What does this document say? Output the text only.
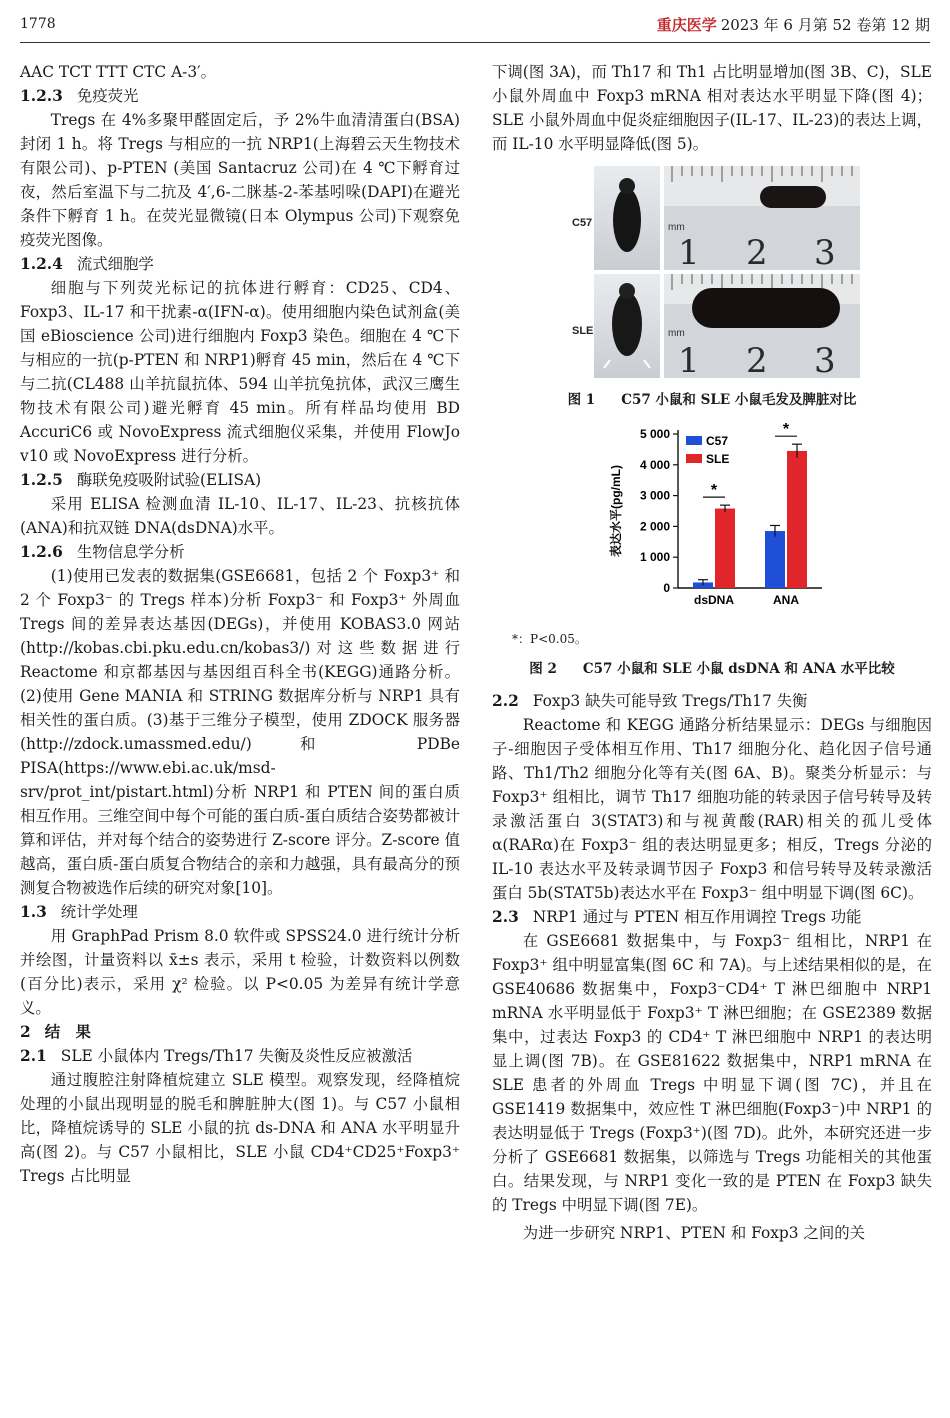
1778	重庆医学 2023 年 6 月第 52 卷第 12 期

AAC TCT TTT CTC A-3′。

1.2.3 免疫荧光

Tregs 在 4%多聚甲醛固定后，予 2%牛血清清蛋白(BSA)封闭 1 h。将 Tregs 与相应的一抗 NRP1(上海碧云天生物技术有限公司)、p-PTEN (美国 Santacruz 公司)在 4 ℃下孵育过夜，然后室温下与二抗及 4′,6-二脒基-2-苯基吲哚(DAPI)在避光条件下孵育 1 h。在荧光显微镜(日本 Olympus 公司)下观察免疫荧光图像。

1.2.4 流式细胞学

细胞与下列荧光标记的抗体进行孵育：CD25、CD4、Foxp3、IL-17 和干扰素-α(IFN-α)。使用细胞内染色试剂盒(美国 eBioscience 公司)进行细胞内 Foxp3 染色。细胞在 4 ℃下与相应的一抗(p-PTEN 和 NRP1)孵育 45 min，然后在 4 ℃下与二抗(CL488 山羊抗鼠抗体、594 山羊抗兔抗体，武汉三鹰生物技术有限公司)避光孵育 45 min。所有样品均使用 BD AccuriC6 或 NovoExpress 流式细胞仪采集，并使用 FlowJo v10 或 NovoExpress 进行分析。

1.2.5 酶联免疫吸附试验(ELISA)

采用 ELISA 检测血清 IL-10、IL-17、IL-23、抗核抗体(ANA)和抗双链 DNA(dsDNA)水平。

1.2.6 生物信息学分析

(1)使用已发表的数据集(GSE6681，包括 2 个 Foxp3⁺ 和 2 个 Foxp3⁻ 的 Tregs 样本)分析 Foxp3⁻ 和 Foxp3⁺ 外周血 Tregs 间的差异表达基因(DEGs)，并使用 KOBAS3.0 网站(http://kobas.cbi.pku.edu.cn/kobas3/)对这些数据进行 Reactome 和京都基因与基因组百科全书(KEGG)通路分析。(2)使用 Gene MANIA 和 STRING 数据库分析与 NRP1 具有相关性的蛋白质。(3)基于三维分子模型，使用 ZDOCK 服务器(http://zdock.umassmed.edu/)和 PDBe PISA(https://www.ebi.ac.uk/msd-srv/prot_int/pistart.html)分析 NRP1 和 PTEN 间的蛋白质相互作用。三维空间中每个可能的蛋白质-蛋白质结合姿势都被计算和评估，并对每个结合的姿势进行 Z-score 评分。Z-score 值越高，蛋白质-蛋白质复合物结合的亲和力越强，具有最高分的预测复合物被选作后续的研究对象[10]。

1.3 统计学处理

用 GraphPad Prism 8.0 软件或 SPSS24.0 进行统计分析并绘图，计量资料以 x̄±s 表示，采用 t 检验，计数资料以例数(百分比)表示，采用 χ² 检验。以 P<0.05 为差异有统计学意义。

2 结　果
2.1 SLE 小鼠体内 Tregs/Th17 失衡及炎性反应被激活

通过腹腔注射降植烷建立 SLE 模型。观察发现，经降植烷处理的小鼠出现明显的脱毛和脾脏肿大(图 1)。与 C57 小鼠相比，降植烷诱导的 SLE 小鼠的抗 ds-DNA 和 ANA 水平明显升高(图 2)。与 C57 小鼠相比，SLE 小鼠 CD4⁺CD25⁺Foxp3⁺ Tregs 占比明显

下调(图 3A)，而 Th17 和 Th1 占比明显增加(图 3B、C)，SLE 小鼠外周血中 Foxp3 mRNA 相对表达水平明显下降(图 4)；SLE 小鼠外周血中促炎症细胞因子(IL-17、IL-23)的表达上调，而 IL-10 水平明显降低(图 5)。

C57
SLE
mm
1 2 3
mm
1 2 3
图 1 C57 小鼠和 SLE 小鼠毛发及脾脏对比
表达水平(pg/mL)
0
1 000
2 000
3 000
4 000
5 000
*
dsDNA
*
ANA
C57
SLE
*：P<0.05。
图 2 C57 小鼠和 SLE 小鼠 dsDNA 和 ANA 水平比较
2.2 Foxp3 缺失可能导致 Tregs/Th17 失衡

Reactome 和 KEGG 通路分析结果显示：DEGs 与细胞因子-细胞因子受体相互作用、Th17 细胞分化、趋化因子信号通路、Th1/Th2 细胞分化等有关(图 6A、B)。聚类分析显示：与 Foxp3⁺ 组相比，调节 Th17 细胞功能的转录因子信号转导及转录激活蛋白 3(STAT3)和与视黄酸(RAR)相关的孤儿受体 α(RARα)在 Foxp3⁻ 组的表达明显更多；相反，Tregs 分泌的 IL-10 表达水平及转录调节因子 Foxp3 和信号转导及转录激活蛋白 5b(STAT5b)表达水平在 Foxp3⁻ 组中明显下调(图 6C)。

2.3 NRP1 通过与 PTEN 相互作用调控 Tregs 功能

在 GSE6681 数据集中，与 Foxp3⁻ 组相比，NRP1 在 Foxp3⁺ 组中明显富集(图 6C 和 7A)。与上述结果相似的是，在 GSE40686 数据集中，Foxp3⁻CD4⁺ T 淋巴细胞中 NRP1 mRNA 水平明显低于 Foxp3⁺ T 淋巴细胞；在 GSE2389 数据集中，过表达 Foxp3 的 CD4⁺ T 淋巴细胞中 NRP1 的表达明显上调(图 7B)。在 GSE81622 数据集中，NRP1 mRNA 在 SLE 患者的外周血 Tregs 中明显下调(图 7C)，并且在 GSE1419 数据集中，效应性 T 淋巴细胞(Foxp3⁻)中 NRP1 的表达明显低于 Tregs (Foxp3⁺)(图 7D)。此外，本研究还进一步分析了 GSE6681 数据集，以筛选与 Tregs 功能相关的其他蛋白。结果发现，与 NRP1 变化一致的是 PTEN 在 Foxp3 缺失的 Tregs 中明显下调(图 7E)。

为进一步研究 NRP1、PTEN 和 Foxp3 之间的关
